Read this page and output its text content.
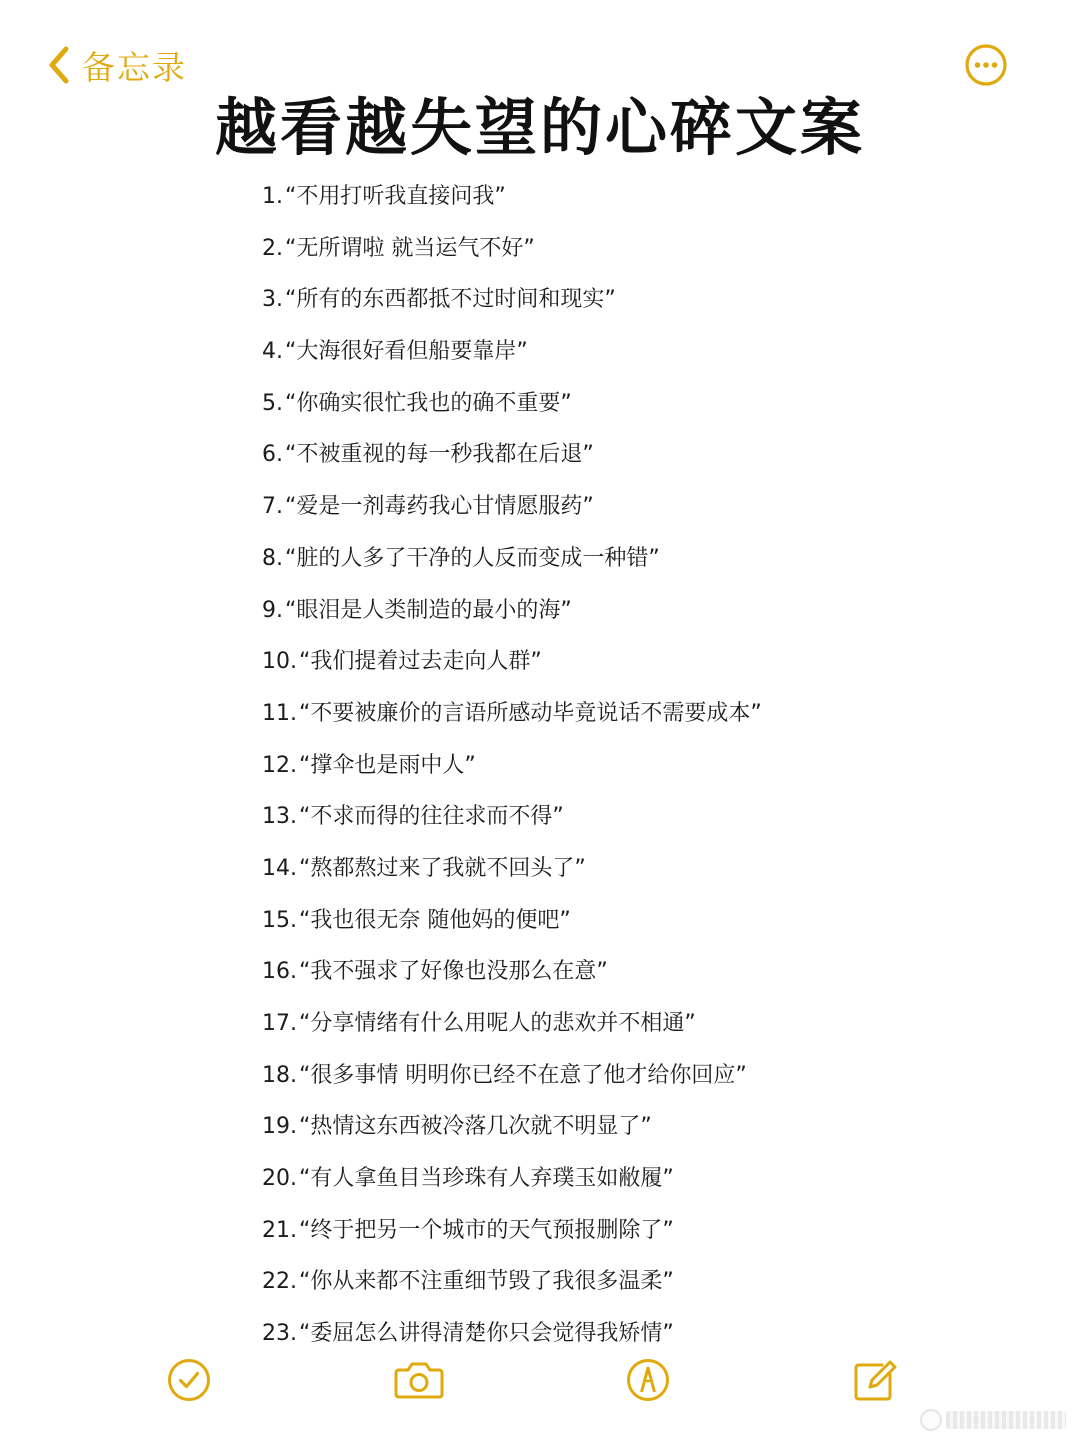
备忘录
越看越失望的心碎文案
1. “不用打听我直接问我”
2. “无所谓啦 就当运气不好”
3. “所有的东西都抵不过时间和现实”
4. “大海很好看但船要靠岸”
5. “你确实很忙我也的确不重要”
6. “不被重视的每一秒我都在后退”
7. “爱是一剂毒药我心甘情愿服药”
8. “脏的人多了干净的人反而变成一种错”
9. “眼泪是人类制造的最小的海”
10. “我们提着过去走向人群”
11. “不要被廉价的言语所感动毕竟说话不需要成本”
12. “撑伞也是雨中人”
13. “不求而得的往往求而不得”
14. “熬都熬过来了我就不回头了”
15. “我也很无奈 随他妈的便吧”
16. “我不强求了好像也没那么在意”
17. “分享情绪有什么用呢人的悲欢并不相通”
18. “很多事情 明明你已经不在意了他才给你回应”
19. “热情这东西被冷落几次就不明显了”
20. “有人拿鱼目当珍珠有人弃璞玉如敝履”
21. “终于把另一个城市的天气预报删除了”
22. “你从来都不注重细节毁了我很多温柔”
23. “委屈怎么讲得清楚你只会觉得我矫情”
